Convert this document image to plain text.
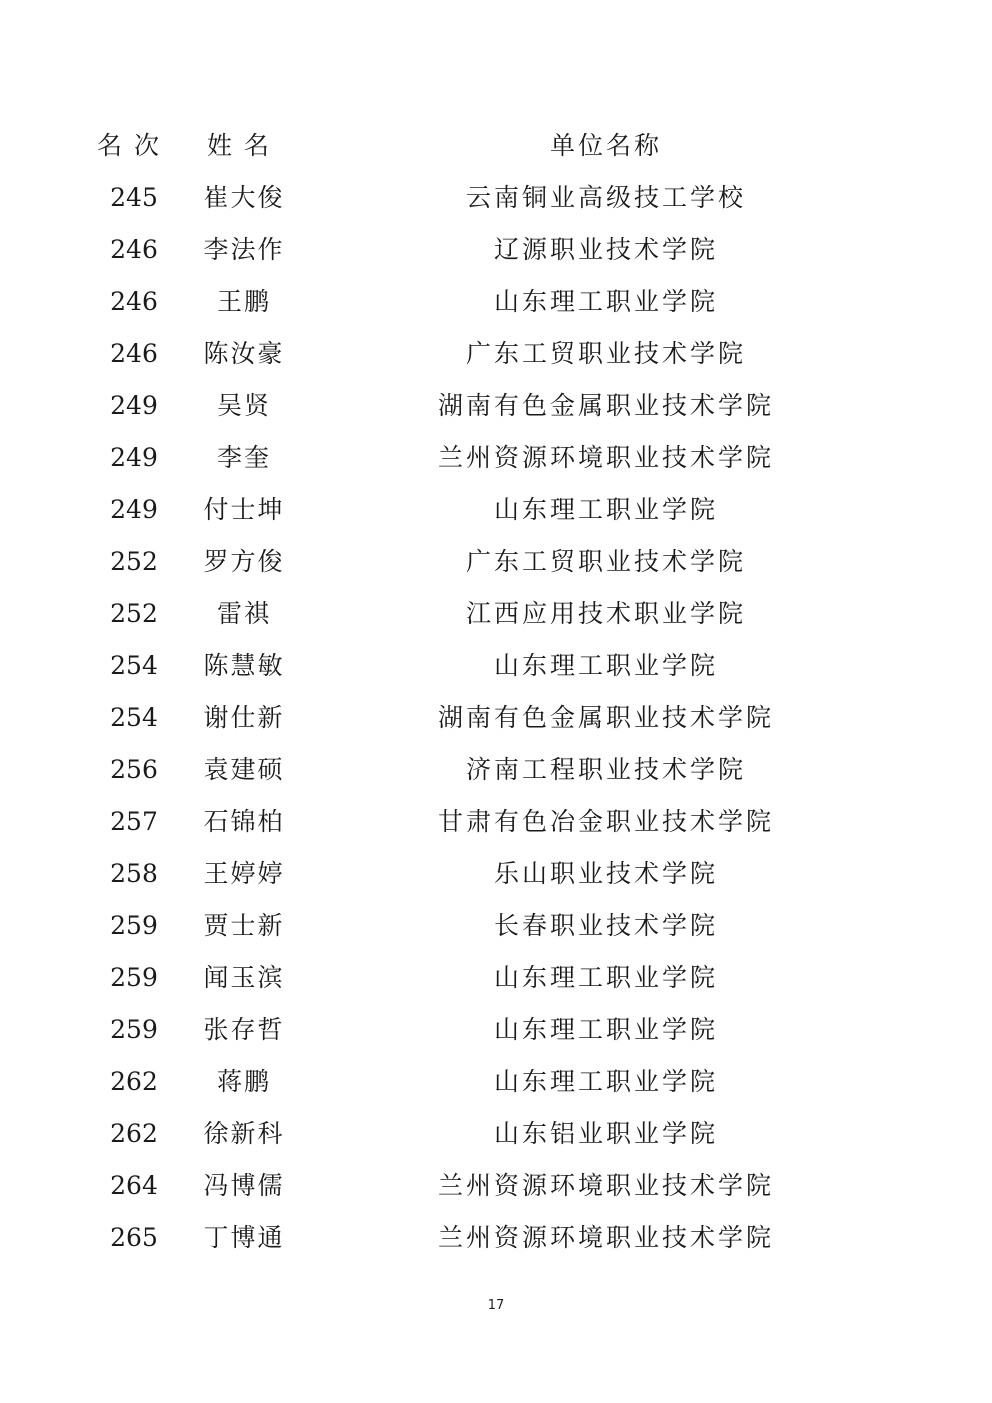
名次	姓名	单位名称
245	崔大俊	云南铜业高级技工学校
246	李法作	辽源职业技术学院
246	王鹏	山东理工职业学院
246	陈汝豪	广东工贸职业技术学院
249	吴贤	湖南有色金属职业技术学院
249	李奎	兰州资源环境职业技术学院
249	付士坤	山东理工职业学院
252	罗方俊	广东工贸职业技术学院
252	雷祺	江西应用技术职业学院
254	陈慧敏	山东理工职业学院
254	谢仕新	湖南有色金属职业技术学院
256	袁建硕	济南工程职业技术学院
257	石锦柏	甘肃有色冶金职业技术学院
258	王婷婷	乐山职业技术学院
259	贾士新	长春职业技术学院
259	闻玉滨	山东理工职业学院
259	张存哲	山东理工职业学院
262	蒋鹏	山东理工职业学院
262	徐新科	山东铝业职业学院
264	冯博儒	兰州资源环境职业技术学院
265	丁博通	兰州资源环境职业技术学院
17
